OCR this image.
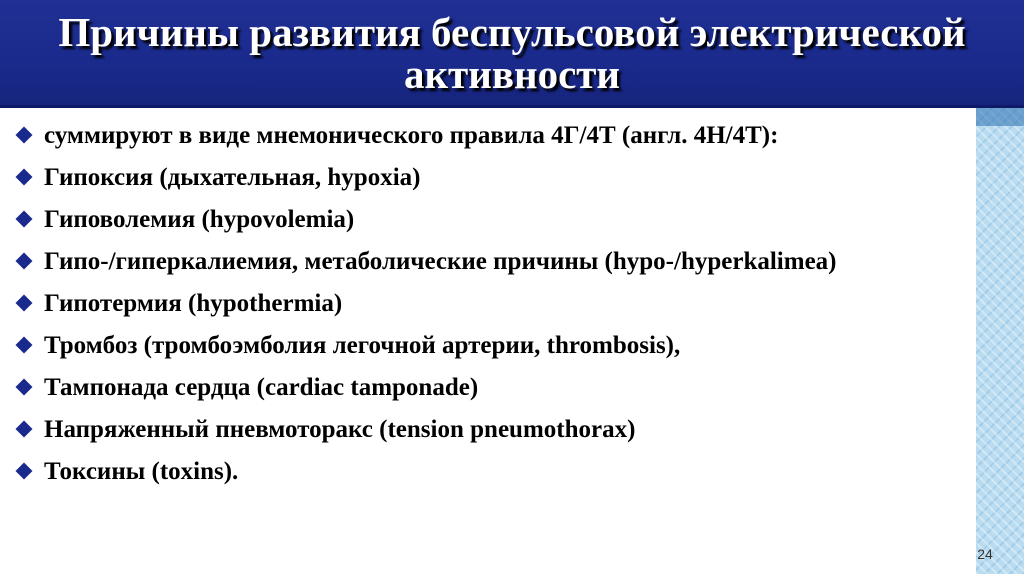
Причины развития беспульсовой электрической активности
суммируют в виде мнемонического правила 4Г/4Т (англ. 4H/4T):
Гипоксия (дыхательная, hypoxia)
Гиповолемия (hypovolemia)
Гипо-/гиперкалиемия, метаболические причины (hypo-/hyperkalimea)
Гипотермия (hypothermia)
Тромбоз (тромбоэмболия легочной артерии, thrombosis),
Тампонада сердца (cardiac tamponade)
Напряженный пневмоторакс (tension pneumothorax)
Токсины (toxins).
24
